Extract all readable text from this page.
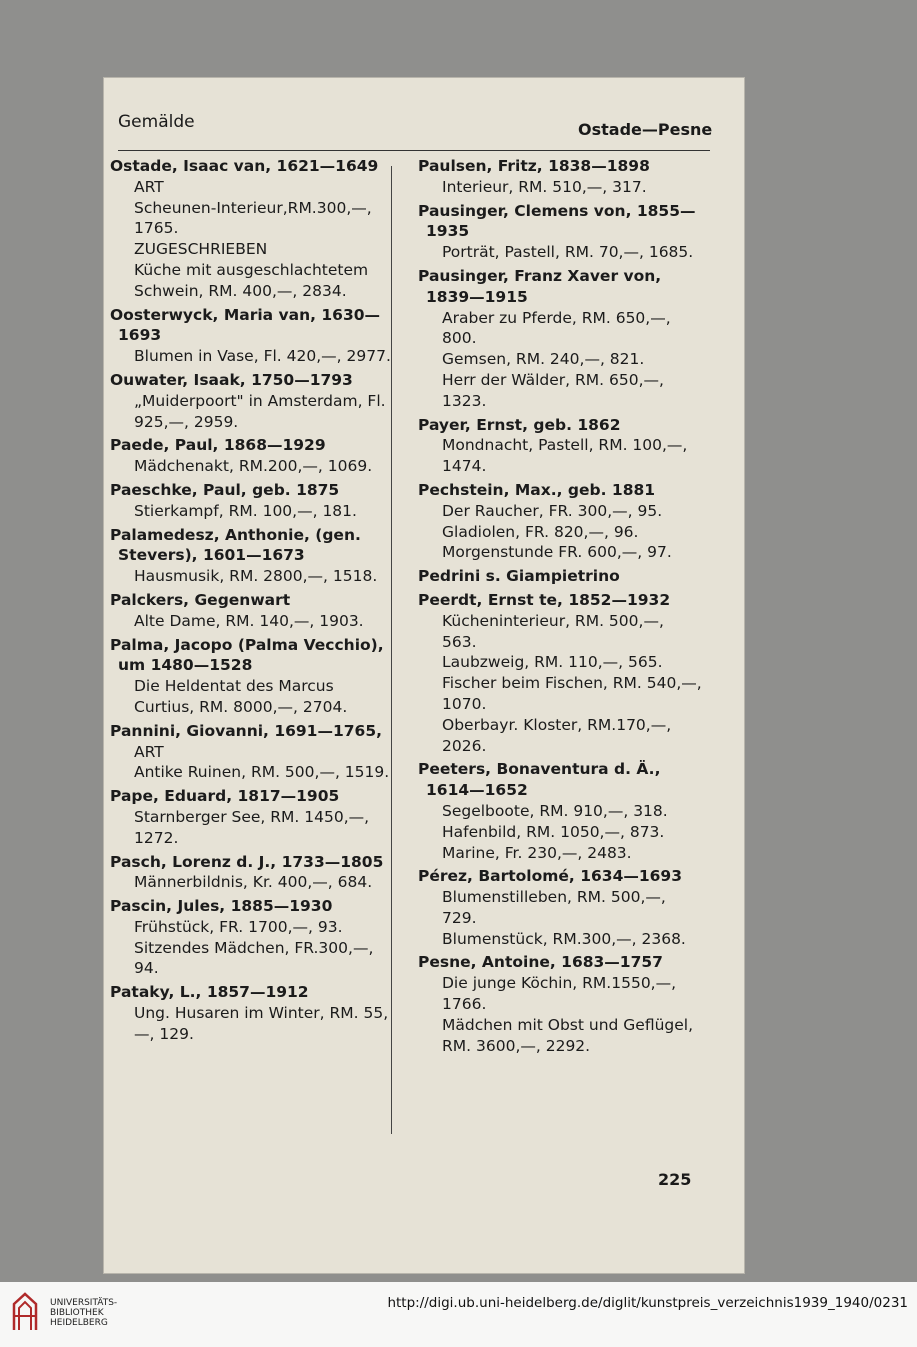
Gemälde	Ostade—Pesne
Ostade, Isaac van, 1621—1649
ART
Scheunen-Interieur,RM.300,—, 1765.
ZUGESCHRIEBEN
Küche mit ausgeschlachtetem Schwein, RM. 400,—, 2834.
Oosterwyck, Maria van, 1630—1693
Blumen in Vase, Fl. 420,—, 2977.
Ouwater, Isaak, 1750—1793
„Muiderpoort" in Amsterdam, Fl. 925,—, 2959.
Paede, Paul, 1868—1929
Mädchenakt, RM.200,—, 1069.
Paeschke, Paul, geb. 1875
Stierkampf, RM. 100,—, 181.
Palamedesz, Anthonie, (gen. Stevers), 1601—1673
Hausmusik, RM. 2800,—, 1518.
Palckers, Gegenwart
Alte Dame, RM. 140,—, 1903.
Palma, Jacopo (Palma Vecchio), um 1480—1528
Die Heldentat des Marcus Curtius, RM. 8000,—, 2704.
Pannini, Giovanni, 1691—1765,
ART
Antike Ruinen, RM. 500,—, 1519.
Pape, Eduard, 1817—1905
Starnberger See, RM. 1450,—, 1272.
Pasch, Lorenz d. J., 1733—1805
Männerbildnis, Kr. 400,—, 684.
Pascin, Jules, 1885—1930
Frühstück, FR. 1700,—, 93.
Sitzendes Mädchen, FR.300,—, 94.
Pataky, L., 1857—1912
Ung. Husaren im Winter, RM. 55,—, 129.
Paulsen, Fritz, 1838—1898
Interieur, RM. 510,—, 317.
Pausinger, Clemens von, 1855—1935
Porträt, Pastell, RM. 70,—, 1685.
Pausinger, Franz Xaver von, 1839—1915
Araber zu Pferde, RM. 650,—, 800.
Gemsen, RM. 240,—, 821.
Herr der Wälder, RM. 650,—, 1323.
Payer, Ernst, geb. 1862
Mondnacht, Pastell, RM. 100,—, 1474.
Pechstein, Max., geb. 1881
Der Raucher, FR. 300,—, 95.
Gladiolen, FR. 820,—, 96.
Morgenstunde FR. 600,—, 97.
Pedrini s. Giampietrino
Peerdt, Ernst te, 1852—1932
Kücheninterieur, RM. 500,—, 563.
Laubzweig, RM. 110,—, 565.
Fischer beim Fischen, RM. 540,—, 1070.
Oberbayr. Kloster, RM.170,—, 2026.
Peeters, Bonaventura d. Ä., 1614—1652
Segelboote, RM. 910,—, 318.
Hafenbild, RM. 1050,—, 873.
Marine, Fr. 230,—, 2483.
Pérez, Bartolomé, 1634—1693
Blumenstilleben, RM. 500,—, 729.
Blumenstück, RM.300,—, 2368.
Pesne, Antoine, 1683—1757
Die junge Köchin, RM.1550,—, 1766.
Mädchen mit Obst und Geflügel, RM. 3600,—, 2292.
225
UNIVERSITÄTS-
BIBLIOTHEK
HEIDELBERG
http://digi.ub.uni-heidelberg.de/diglit/kunstpreis_verzeichnis1939_1940/0231
